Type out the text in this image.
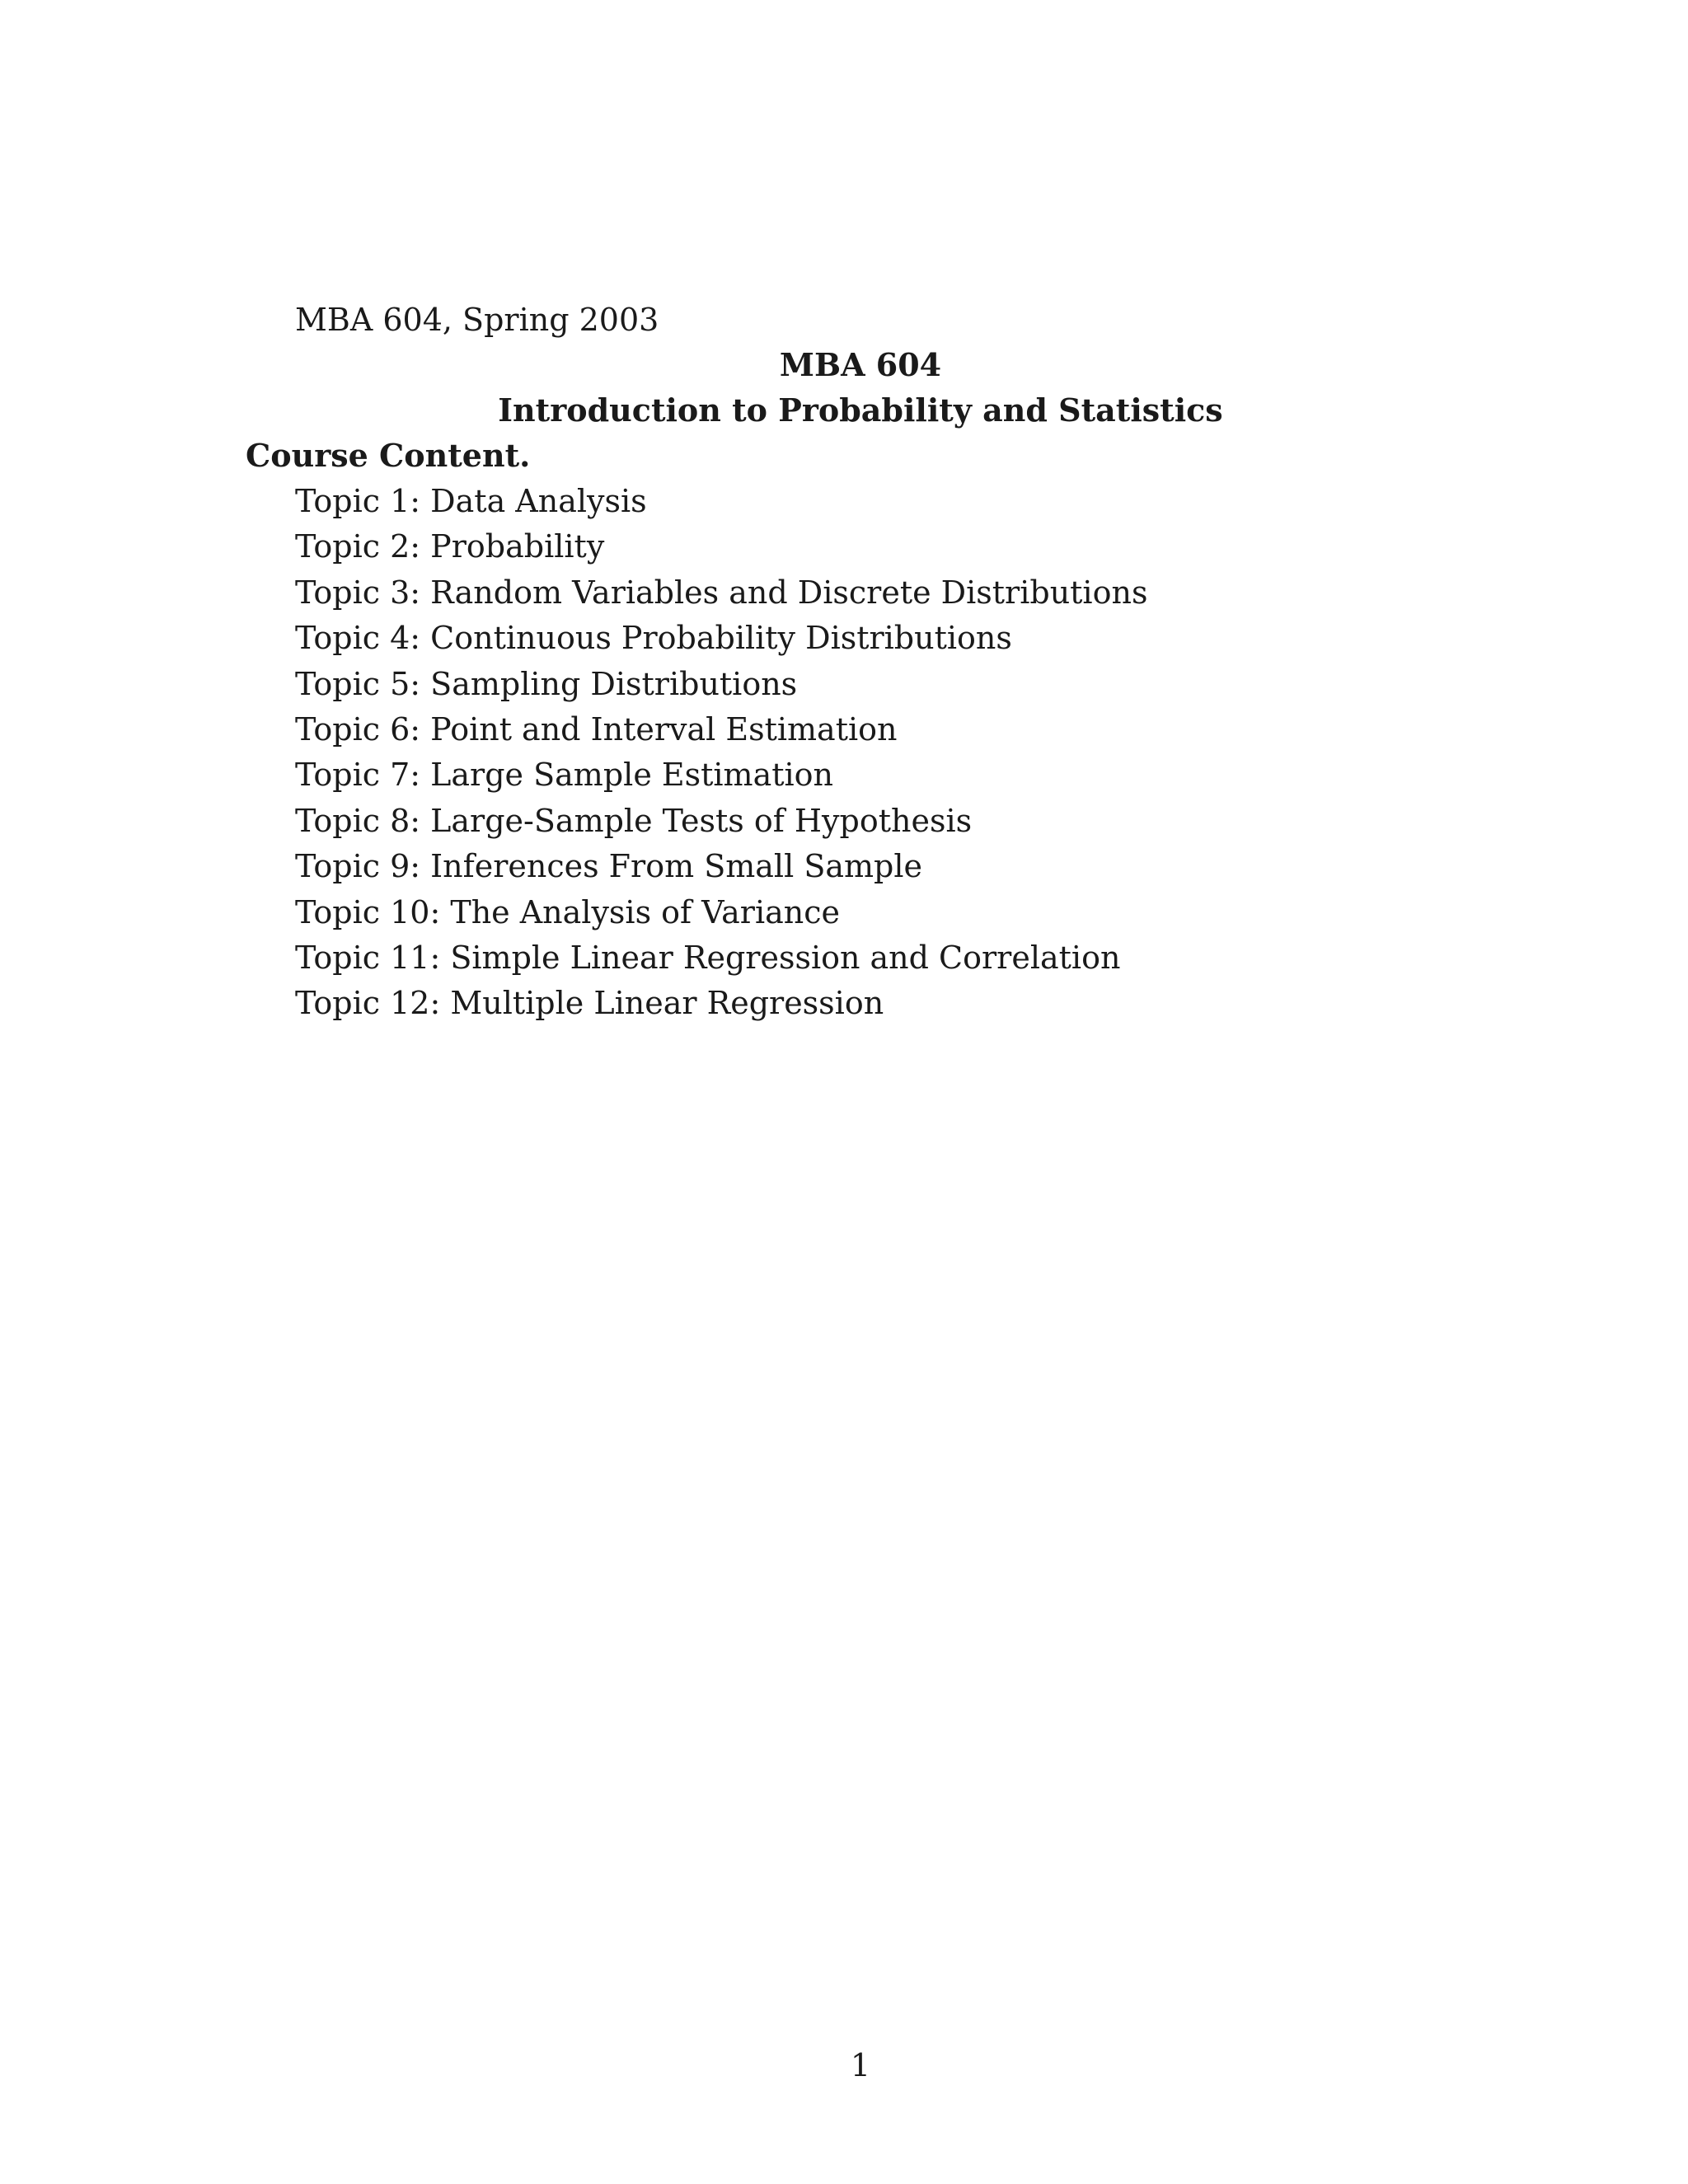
MBA 604, Spring 2003
MBA 604
Introduction to Probability and Statistics
Course Content.
Topic 1: Data Analysis
Topic 2: Probability
Topic 3: Random Variables and Discrete Distributions
Topic 4: Continuous Probability Distributions
Topic 5: Sampling Distributions
Topic 6: Point and Interval Estimation
Topic 7: Large Sample Estimation
Topic 8: Large-Sample Tests of Hypothesis
Topic 9: Inferences From Small Sample
Topic 10: The Analysis of Variance
Topic 11: Simple Linear Regression and Correlation
Topic 12: Multiple Linear Regression
1
